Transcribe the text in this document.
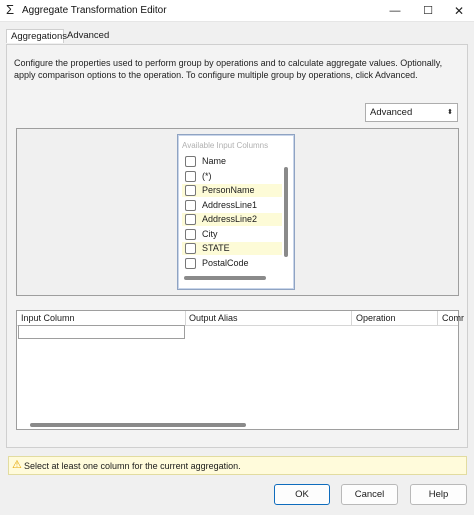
Σ Aggregate Transformation Editor	—	☐	✕
Aggregations Advanced
Configure the properties used to perform group by operations and to calculate aggregate values. Optionally, apply comparison options to the operation. To configure multiple group by operations, click Advanced.
Advanced	⬍
Available Input Columns
Name
(*)
PersonName
AddressLine1
AddressLine2
City
STATE
PostalCode
Input Column	Output Alias	Operation	Comr
⚠ Select at least one column for the current aggregation.
OK	Cancel	Help
